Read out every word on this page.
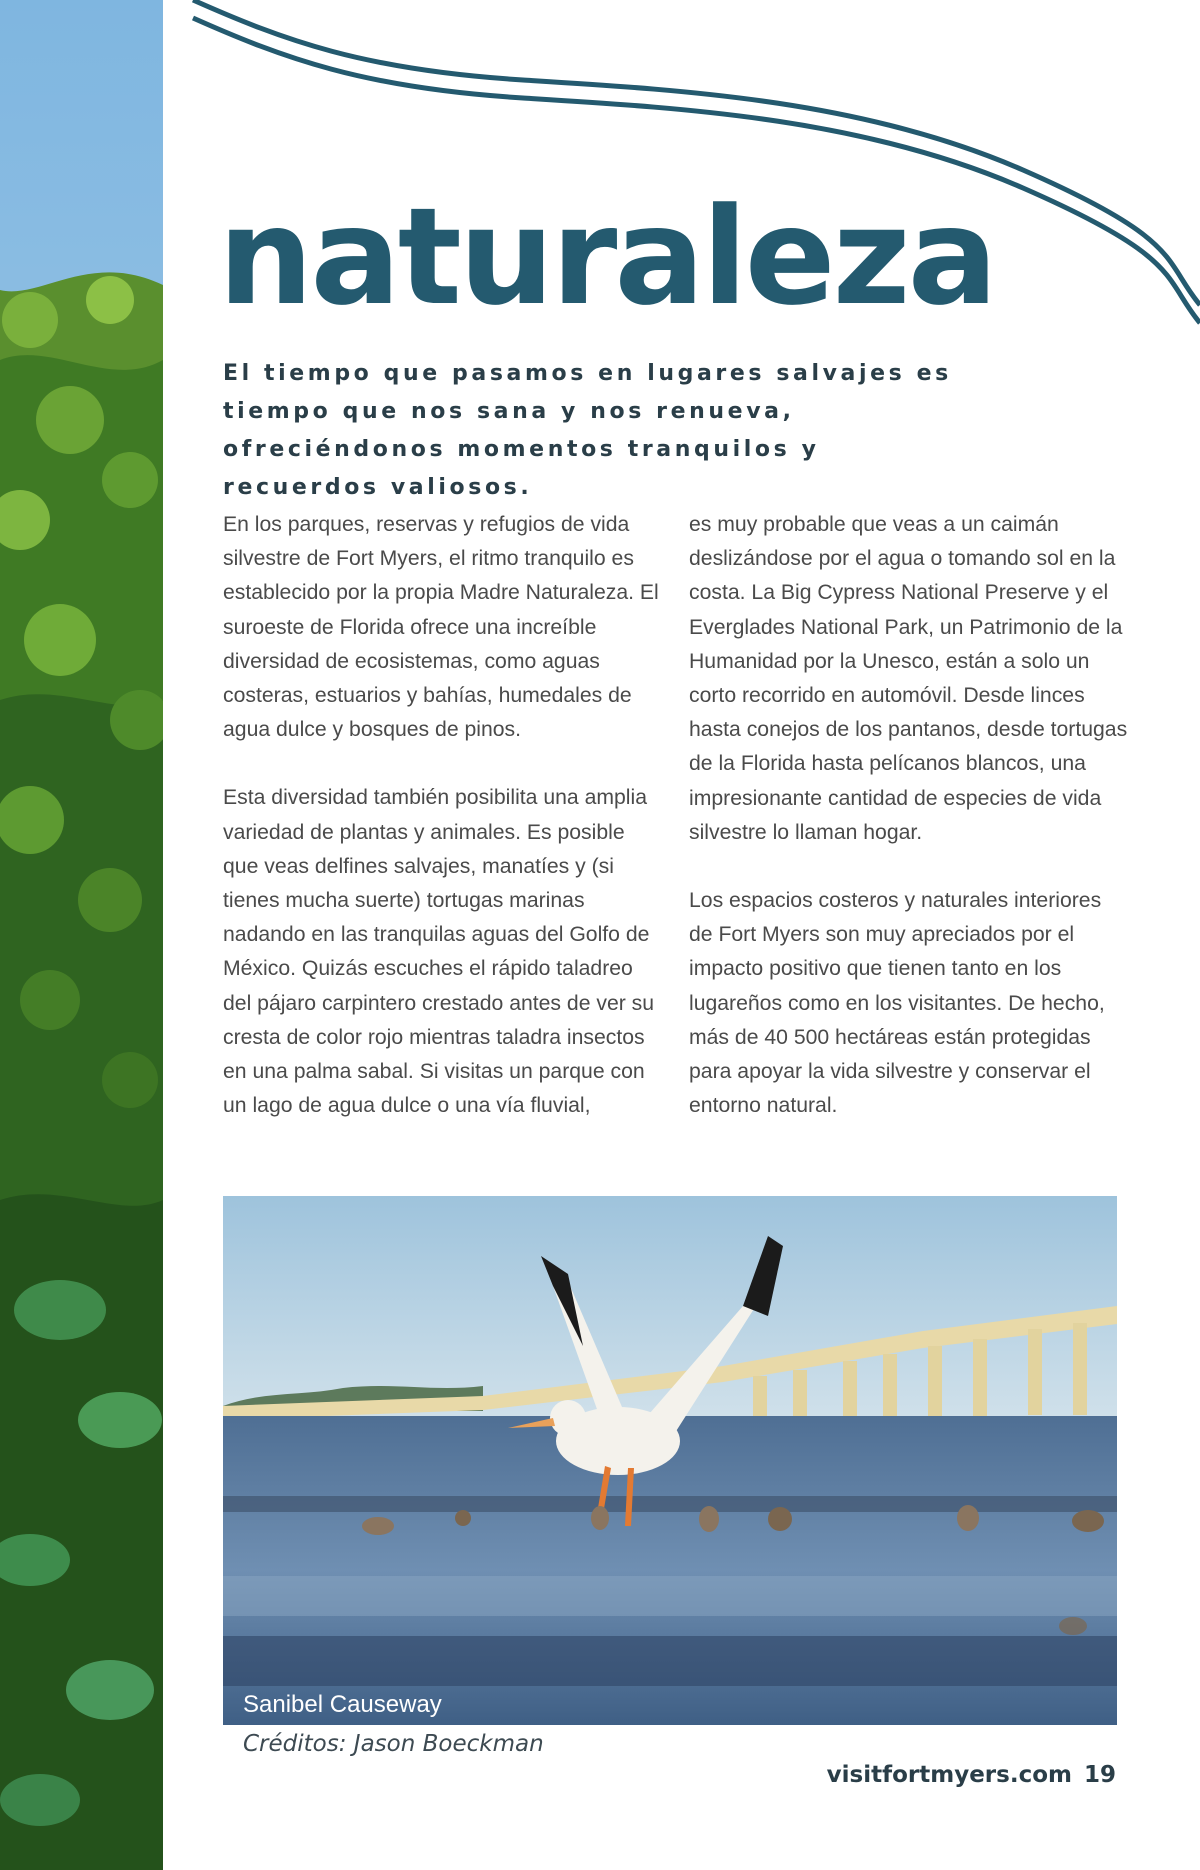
naturaleza

El tiempo que pasamos en lugares salvajes es tiempo que nos sana y nos renueva, ofreciéndonos momentos tranquilos y recuerdos valiosos.

En los parques, reservas y refugios de vida silvestre de Fort Myers, el ritmo tranquilo es establecido por la propia Madre Naturaleza. El suroeste de Florida ofrece una increíble diversidad de ecosistemas, como aguas costeras, estuarios y bahías, humedales de agua dulce y bosques de pinos.

Esta diversidad también posibilita una amplia variedad de plantas y animales. Es posible que veas delfines salvajes, manatíes y (si tienes mucha suerte) tortugas marinas nadando en las tranquilas aguas del Golfo de México. Quizás escuches el rápido taladreo del pájaro carpintero crestado antes de ver su cresta de color rojo mientras taladra insectos en una palma sabal. Si visitas un parque con un lago de agua dulce o una vía fluvial,

es muy probable que veas a un caimán deslizándose por el agua o tomando sol en la costa. La Big Cypress National Preserve y el Everglades National Park, un Patrimonio de la Humanidad por la Unesco, están a solo un corto recorrido en automóvil. Desde linces hasta conejos de los pantanos, desde tortugas de la Florida hasta pelícanos blancos, una impresionante cantidad de especies de vida silvestre lo llaman hogar.

Los espacios costeros y naturales interiores de Fort Myers son muy apreciados por el impacto positivo que tienen tanto en los lugareños como en los visitantes. De hecho, más de 40 500 hectáreas están protegidas para apoyar la vida silvestre y conservar el entorno natural.

Sanibel Causeway
Créditos: Jason Boeckman
visitfortmyers.com 19
